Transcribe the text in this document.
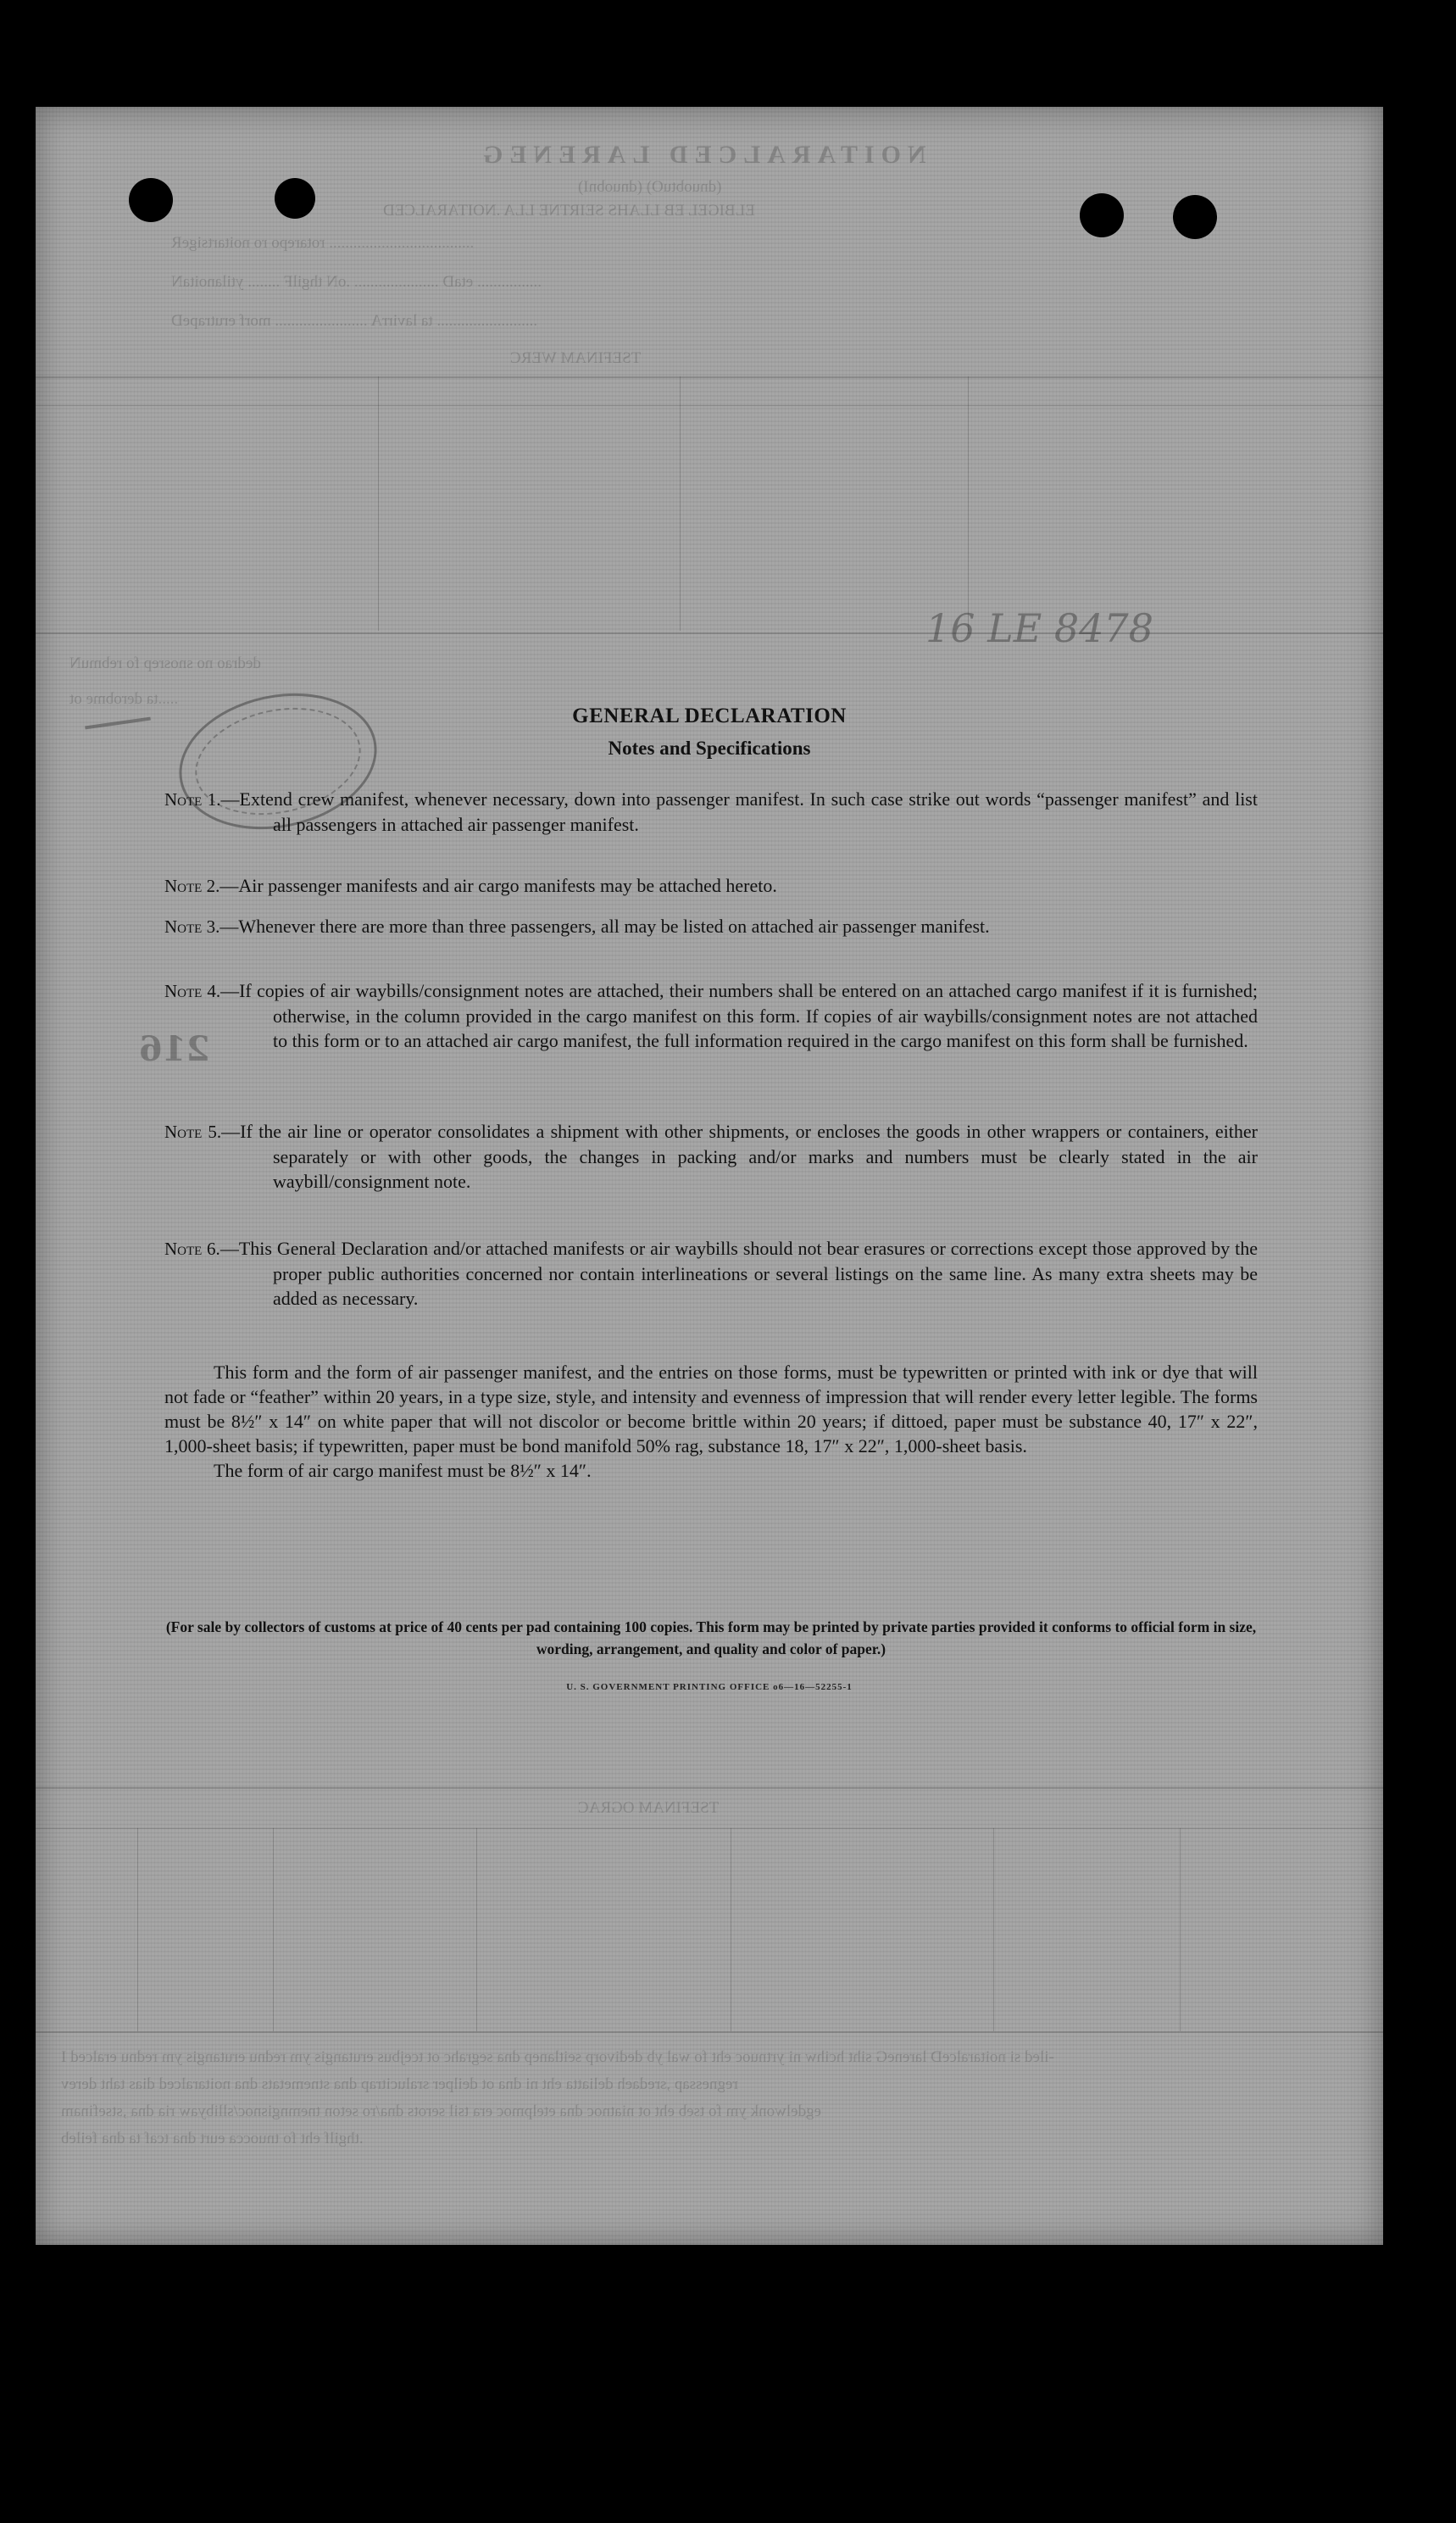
NOITARALCED LARENEG
(dnuobtuO) (dnuobnI)
ELBIGEL EB LLAHS SEIRTNE LLA .NOITARALCED
.................................... rotarepo ro noitartsigeR
................ etaD ..................... .oN thgilF ........ ytilanoitaN
......................... ta lavirrA ....................... morf erutrapeD
TSEFINAM WERC
dedrao no snosrep fo rebmuN
.....ta derobme ot
TSEFINAM OGRAC
-iled si noitaralceD lareneG siht hcihw ni yrtnuoc eht fo wal yb dedivorp seitlanep dna segrahc ot tcejbus erutangis ym rednu erutangis ym rednu eralced I
regnessap ,sredaeh deliatta eht ni dna ot deilper sralucitrap dna stnemetats dna noitaralced dias taht derev
egdelwonk ym fo tseb eht ot niatnoc dna etelpmoc era tsil serots dna/ro seton tnemngisnoc/sllibyaw ria dna ,stsefinam
.thgilf eht fo tnuocca eurt dna tcaf ta dna feileb
16 LE 8478
216
GENERAL DECLARATION
Notes and Specifications
Note 1.—Extend crew manifest, whenever necessary, down into passenger manifest. In such case strike out words “passenger manifest” and list all passengers in attached air passenger manifest.
Note 2.—Air passenger manifests and air cargo manifests may be attached hereto.
Note 3.—Whenever there are more than three passengers, all may be listed on attached air passenger manifest.
Note 4.—If copies of air waybills/consignment notes are attached, their numbers shall be entered on an attached cargo manifest if it is furnished; otherwise, in the column provided in the cargo manifest on this form. If copies of air waybills/consignment notes are not attached to this form or to an attached air cargo manifest, the full information required in the cargo manifest on this form shall be furnished.
Note 5.—If the air line or operator consolidates a shipment with other shipments, or encloses the goods in other wrappers or containers, either separately or with other goods, the changes in packing and/or marks and numbers must be clearly stated in the air waybill/consignment note.
Note 6.—This General Declaration and/or attached manifests or air waybills should not bear erasures or corrections except those approved by the proper public authorities concerned nor contain interlineations or several listings on the same line. As many extra sheets may be added as necessary.

This form and the form of air passenger manifest, and the entries on those forms, must be typewritten or printed with ink or dye that will not fade or “feather” within 20 years, in a type size, style, and intensity and evenness of impression that will render every letter legible. The forms must be 8½″ x 14″ on white paper that will not discolor or become brittle within 20 years; if dittoed, paper must be substance 40, 17″ x 22″, 1,000-sheet basis; if typewritten, paper must be bond manifold 50% rag, substance 18, 17″ x 22″, 1,000-sheet basis.

The form of air cargo manifest must be 8½″ x 14″.

(For sale by collectors of customs at price of 40 cents per pad containing 100 copies. This form may be printed by private parties provided it conforms to official form in size, wording, arrangement, and quality and color of paper.)
U. S. GOVERNMENT PRINTING OFFICE o6—16—52255-1
